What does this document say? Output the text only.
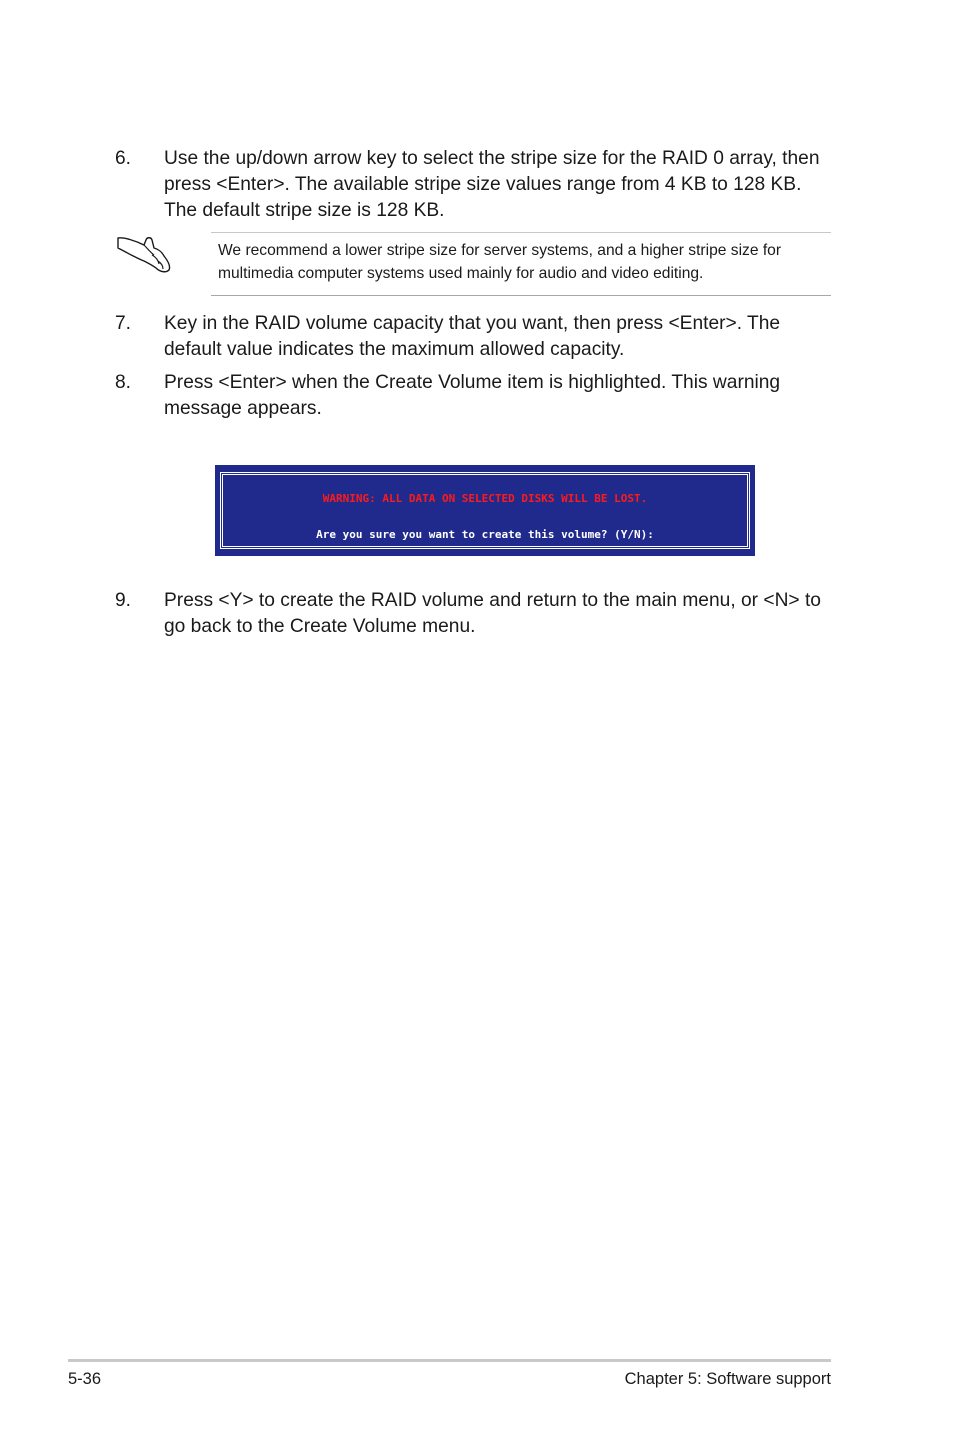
6.	Use the up/down arrow key to select the stripe size for the RAID 0 array, then press <Enter>. The available stripe size values range from 4 KB to 128 KB. The default stripe size is 128 KB.
We recommend a lower stripe size for server systems, and a higher stripe size for multimedia computer systems used mainly for audio and video editing.
7.	Key in the RAID volume capacity that you want, then press <Enter>. The default value indicates the maximum allowed capacity.
8.	Press <Enter> when the Create Volume item is highlighted. This warning message appears.
WARNING: ALL DATA ON SELECTED DISKS WILL BE LOST.
Are you sure you want to create this volume? (Y/N):
9.	Press <Y> to create the RAID volume and return to the main menu, or <N> to go back to the Create Volume menu.
5-36	Chapter 5: Software support
